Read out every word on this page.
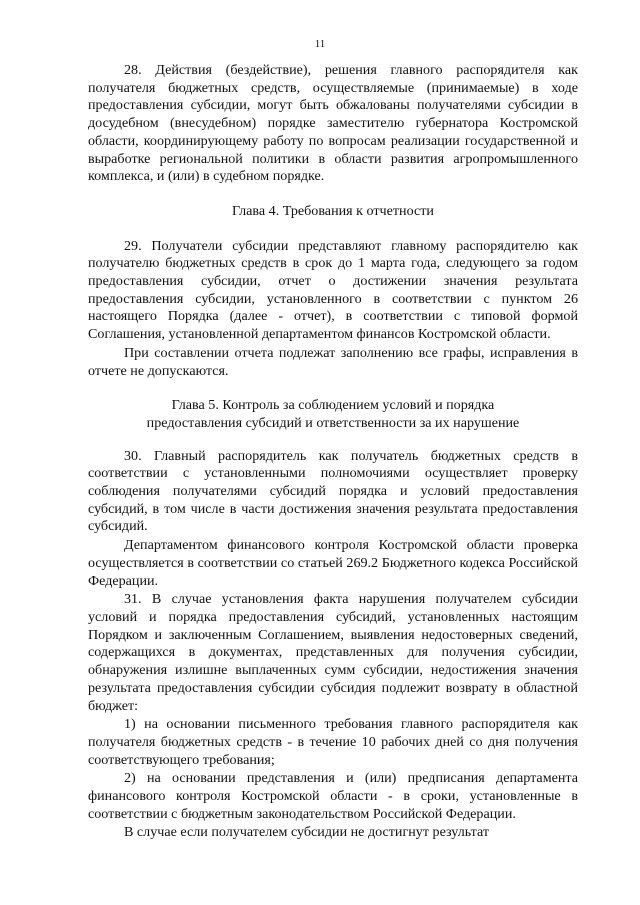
11

28. Действия (бездействие), решения главного распорядителя как получателя бюджетных средств, осуществляемые (принимаемые) в ходе предоставления субсидии, могут быть обжалованы получателями субсидии в досудебном (внесудебном) порядке заместителю губернатора Костромской области, координирующему работу по вопросам реализации государственной и выработке региональной политики в области развития агропромышленного комплекса, и (или) в судебном порядке.

Глава 4. Требования к отчетности

29. Получатели субсидии представляют главному распорядителю как получателю бюджетных средств в срок до 1 марта года, следующего за годом предоставления субсидии, отчет о достижении значения результата предоставления субсидии, установленного в соответствии с пунктом 26 настоящего Порядка (далее - отчет), в соответствии с типовой формой Соглашения, установленной департаментом финансов Костромской области.

При составлении отчета подлежат заполнению все графы, исправления в отчете не допускаются.

Глава 5. Контроль за соблюдением условий и порядка

предоставления субсидий и ответственности за их нарушение

30. Главный распорядитель как получатель бюджетных средств в соответствии с установленными полномочиями осуществляет проверку соблюдения получателями субсидий порядка и условий предоставления субсидий, в том числе в части достижения значения результата предоставления субсидий.

Департаментом финансового контроля Костромской области проверка осуществляется в соответствии со статьей 269.2 Бюджетного кодекса Российской Федерации.

31. В случае установления факта нарушения получателем субсидии условий и порядка предоставления субсидий, установленных настоящим Порядком и заключенным Соглашением, выявления недостоверных сведений, содержащихся в документах, представленных для получения субсидии, обнаружения излишне выплаченных сумм субсидии, недостижения значения результата предоставления субсидии субсидия подлежит возврату в областной бюджет:

1) на основании письменного требования главного распорядителя как получателя бюджетных средств - в течение 10 рабочих дней со дня получения соответствующего требования;

2) на основании представления и (или) предписания департамента финансового контроля Костромской области - в сроки, установленные в соответствии с бюджетным законодательством Российской Федерации.

В случае если получателем субсидии не достигнут результат
